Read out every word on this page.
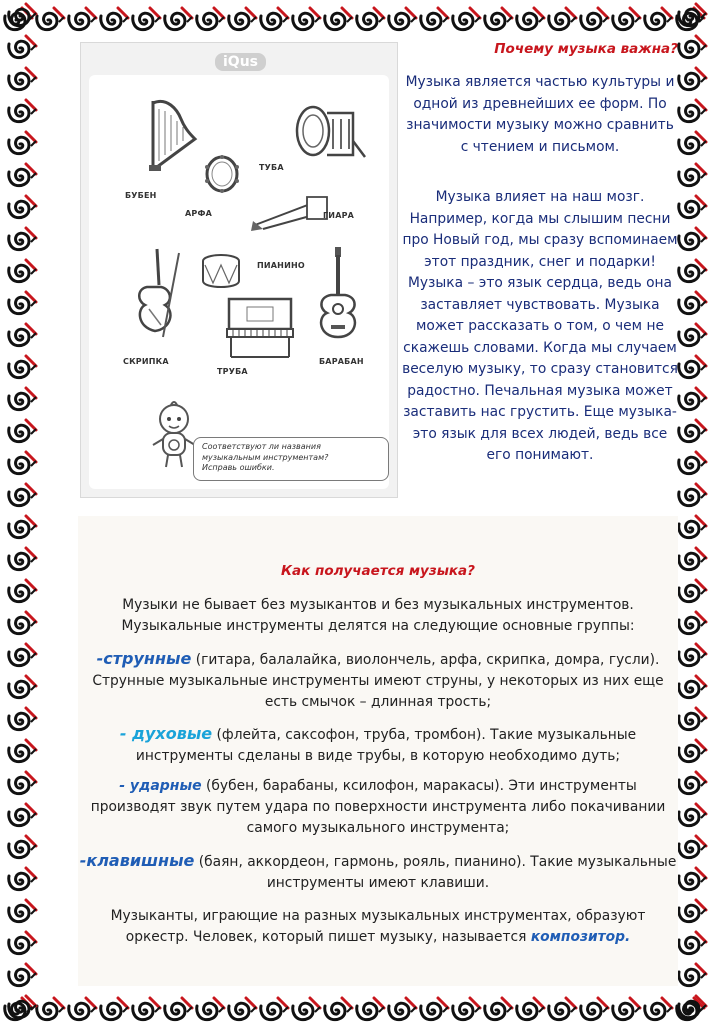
iQus
БУБЕН
АРФА
ТУБА
ГИАРА
ПИАНИНО
СКРИПКА
ТРУБА
БАРАБАН
Соответствуют ли названия
музыкальным инструментам?
Исправь ошибки.
Почему музыка важна?

Музыка является частью культуры и одной из древнейших ее форм. По значимости музыку можно сравнить с чтением и письмом.

Музыка влияет на наш мозг. Например, когда мы слышим песни про Новый год, мы сразу вспоминаем этот праздник, снег и подарки! Музыка – это язык сердца, ведь она заставляет чувствовать. Музыка может рассказать о том, о чем не скажешь словами. Когда мы случаем веселую музыку, то сразу становится радостно. Печальная музыка может заставить нас грустить. Еще музыка-это язык для всех людей, ведь все его понимают.

Как получается музыка?

Музыки не бывает без музыкантов и без музыкальных инструментов. Музыкальные инструменты делятся на следующие основные группы:

-струнные (гитара, балалайка, виолончель, арфа, скрипка, домра, гусли). Струнные музыкальные инструменты имеют струны, у некоторых из них еще есть смычок – длинная трость;

- духовые (флейта, саксофон, труба, тромбон). Такие музыкальные инструменты сделаны в виде трубы, в которую необходимо дуть;

- ударные (бубен, барабаны, ксилофон, маракасы). Эти инструменты производят звук путем удара по поверхности инструмента либо покачивании самого музыкального инструмента;

-клавишные (баян, аккордеон, гармонь, рояль, пианино). Такие музыкальные инструменты имеют клавиши.

Музыканты, играющие на разных музыкальных инструментах, образуют оркестр. Человек, который пишет музыку, называется композитор.
